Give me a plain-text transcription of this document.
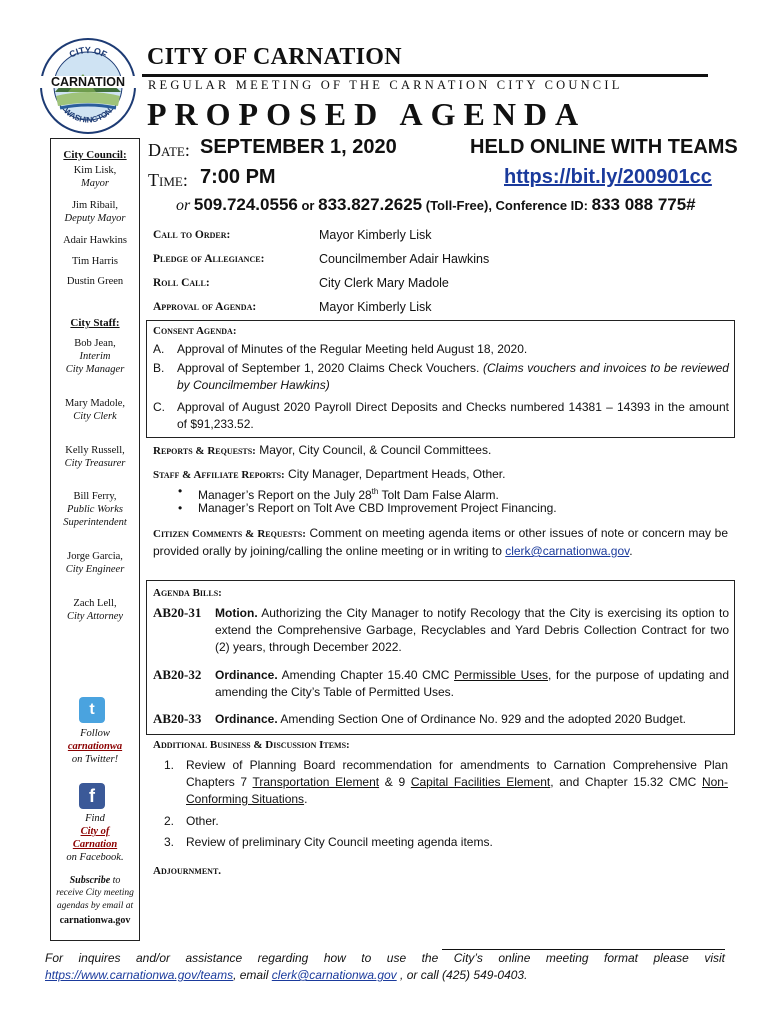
CITY OF
CARNATION
WASHINGTON
CITY OF CARNATION
REGULAR MEETING OF THE CARNATION CITY COUNCIL
PROPOSED AGENDA
City Council:
Kim Lisk,
Mayor
Jim Ribail,
Deputy Mayor
Adair Hawkins
Tim Harris
Dustin Green
City Staff:
Bob Jean,
Interim
City Manager
Mary Madole,
City Clerk
Kelly Russell,
City Treasurer
Bill Ferry,
Public Works
Superintendent
Jorge Garcia,
City Engineer
Zach Lell,
City Attorney
t
Follow
carnationwa
on Twitter!
f
Find
City of
Carnation
on Facebook.
Subscribe to
receive City meeting
agendas by email at
carnationwa.gov
Date: SEPTEMBER 1, 2020	HELD ONLINE WITH TEAMS
Time: 7:00 PM	https://bit.ly/200901cc
or 509.724.0556 or 833.827.2625 (Toll-Free), Conference ID: 833 088 775#
Call to Order:	Mayor Kimberly Lisk
Pledge of Allegiance:	Councilmember Adair Hawkins
Roll Call:	City Clerk Mary Madole
Approval of Agenda:	Mayor Kimberly Lisk
Consent Agenda:
A. Approval of Minutes of the Regular Meeting held August 18, 2020.
B. Approval of September 1, 2020 Claims Check Vouchers. (Claims vouchers and invoices to be reviewed by Councilmember Hawkins)
C. Approval of August 2020 Payroll Direct Deposits and Checks numbered 14381 – 14393 in the amount of $91,233.52.
Reports & Requests: Mayor, City Council, & Council Committees.
Staff & Affiliate Reports: City Manager, Department Heads, Other.
• Manager’s Report on the July 28th Tolt Dam False Alarm.
• Manager’s Report on Tolt Ave CBD Improvement Project Financing.
Citizen Comments & Requests: Comment on meeting agenda items or other issues of note or concern may be provided orally by joining/calling the online meeting or in writing to clerk@carnationwa.gov.
Agenda Bills:
AB20-31 Motion. Authorizing the City Manager to notify Recology that the City is exercising its option to extend the Comprehensive Garbage, Recyclables and Yard Debris Collection Contract for two (2) years, through December 2022.
AB20-32 Ordinance. Amending Chapter 15.40 CMC Permissible Uses, for the purpose of updating and amending the City’s Table of Permitted Uses.
AB20-33 Ordinance. Amending Section One of Ordinance No. 929 and the adopted 2020 Budget.
Additional Business & Discussion Items:
1. Review of Planning Board recommendation for amendments to Carnation Comprehensive Plan Chapters 7 Transportation Element & 9 Capital Facilities Element, and Chapter 15.32 CMC Non-Conforming Situations.
2. Other.
3. Review of preliminary City Council meeting agenda items.
Adjournment.
For inquires and/or assistance regarding how to use the City’s online meeting format please visit https://www.carnationwa.gov/teams, email clerk@carnationwa.gov , or call (425) 549-0403.
